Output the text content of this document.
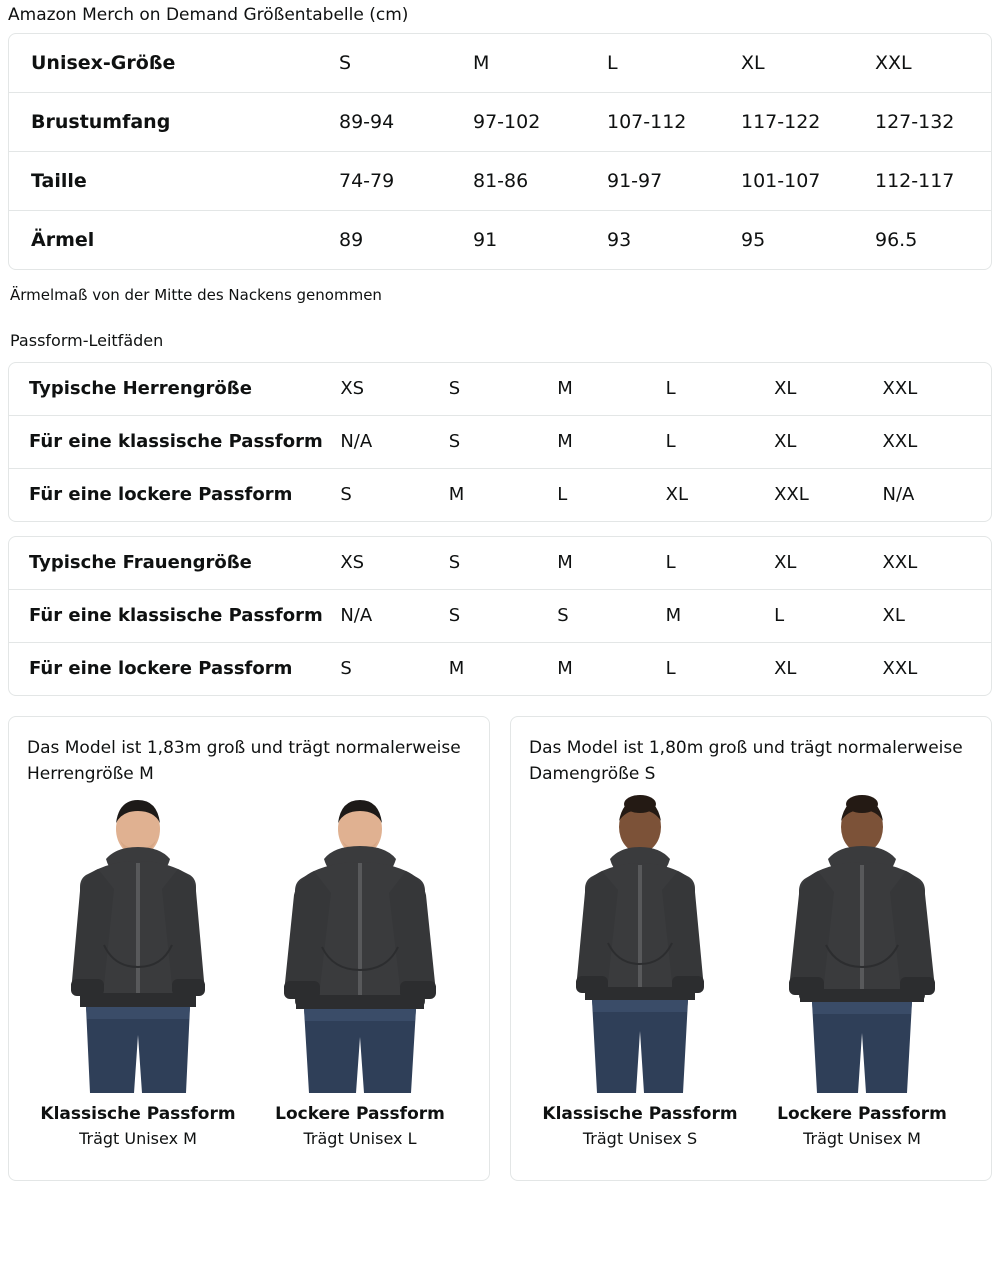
Amazon Merch on Demand Größentabelle (cm)
Unisex-Größe	S	M	L	XL	XXL

Brustumfang	89-94	97-102	107-112	117-122	127-132

Taille	74-79	81-86	91-97	101-107	112-117

Ärmel	89	91	93	95	96.5
Ärmelmaß von der Mitte des Nackens genommen
Passform-Leitfäden
Typische Herrengröße	XS	S	M	L	XL	XXL

Für eine klassische Passform	N/A	S	M	L	XL	XXL

Für eine lockere Passform	S	M	L	XL	XXL	N/A
Typische Frauengröße	XS	S	M	L	XL	XXL

Für eine klassische Passform	N/A	S	S	M	L	XL

Für eine lockere Passform	S	M	M	L	XL	XXL
Das Model ist 1,83m groß und trägt normalerweise Herrengröße M
Klassische Passform
Trägt Unisex M
Lockere Passform
Trägt Unisex L
Das Model ist 1,80m groß und trägt normalerweise Damengröße S
Klassische Passform
Trägt Unisex S
Lockere Passform
Trägt Unisex M
